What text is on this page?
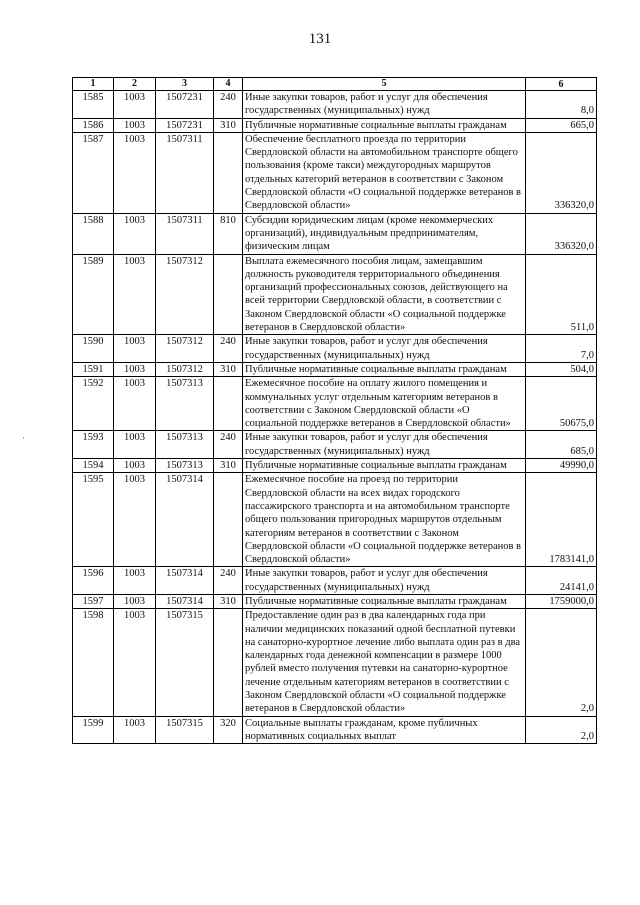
131
·
1	2	3	4	5	6
1585	1003	1507231	240	Иные закупки товаров, работ и услуг для обеспечения государственных (муниципальных) нужд	8,0
1586	1003	1507231	310	Публичные нормативные социальные выплаты гражданам	665,0
1587	1003	1507311		Обеспечение бесплатного проезда по территории Свердловской области на автомобильном транспорте общего пользования (кроме такси) междугородных маршрутов отдельных категорий ветеранов в соответствии с Законом Свердловской области «О социальной поддержке ветеранов в Свердловской области»	336320,0
1588	1003	1507311	810	Субсидии юридическим лицам (кроме некоммерческих организаций), индивидуальным предпринимателям, физическим лицам	336320,0
1589	1003	1507312		Выплата ежемесячного пособия лицам, замещавшим должность руководителя территориального объединения организаций профессиональных союзов, действующего на всей территории Свердловской области, в соответствии с Законом Свердловской области «О социальной поддержке ветеранов в Свердловской области»	511,0
1590	1003	1507312	240	Иные закупки товаров, работ и услуг для обеспечения государственных (муниципальных) нужд	7,0
1591	1003	1507312	310	Публичные нормативные социальные выплаты гражданам	504,0
1592	1003	1507313		Ежемесячное пособие на оплату жилого помещения и коммунальных услуг отдельным категориям ветеранов в соответствии с Законом Свердловской области «О социальной поддержке ветеранов в Свердловской области»	50675,0
1593	1003	1507313	240	Иные закупки товаров, работ и услуг для обеспечения государственных (муниципальных) нужд	685,0
1594	1003	1507313	310	Публичные нормативные социальные выплаты гражданам	49990,0
1595	1003	1507314		Ежемесячное пособие на проезд по территории Свердловской области на всех видах городского пассажирского транспорта и на автомобильном транспорте общего пользования пригородных маршрутов отдельным категориям ветеранов в соответствии с Законом Свердловской области «О социальной поддержке ветеранов в Свердловской области»	1783141,0
1596	1003	1507314	240	Иные закупки товаров, работ и услуг для обеспечения государственных (муниципальных) нужд	24141,0
1597	1003	1507314	310	Публичные нормативные социальные выплаты гражданам	1759000,0
1598	1003	1507315		Предоставление один раз в два календарных года при наличии медицинских показаний одной бесплатной путевки на санаторно-курортное лечение либо выплата один раз в два календарных года денежной компенсации в размере 1000 рублей вместо получения путевки на санаторно-курортное лечение отдельным категориям ветеранов в соответствии с Законом Свердловской области «О социальной поддержке ветеранов в Свердловской области»	2,0
1599	1003	1507315	320	Социальные выплаты гражданам, кроме публичных нормативных социальных выплат	2,0
